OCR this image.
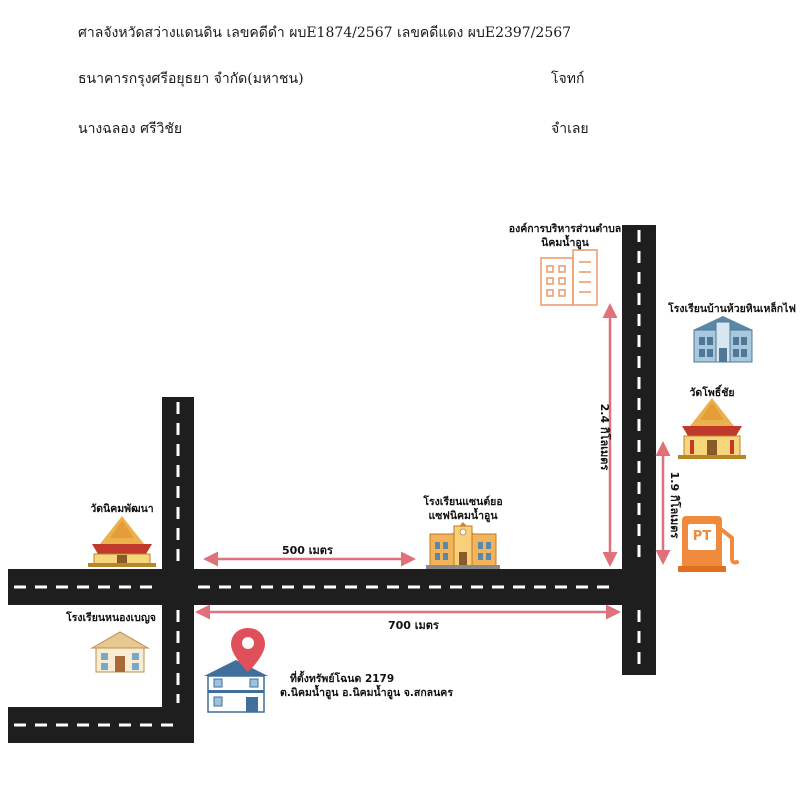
ศาลจังหวัดสว่างแดนดิน เลขคดีดำ ผบE1874/2567 เลขคดีแดง ผบE2397/2567
ธนาคารกรุงศรีอยุธยา จำกัด(มหาชน)	โจทก์
นางฉลอง ศรีวิชัย	จำเลย
PT
องค์การบริหารส่วนตำบล
นิคมน้ำอูน
โรงเรียนบ้านห้วยหินเหล็กไฟ
วัดโพธิ์ชัย
วัดนิคมพัฒนา
โรงเรียนแซนต์ยอ
แซฟนิคมน้ำอูน
โรงเรียนหนองเบญจ
ที่ตั้งทรัพย์โฉนด 2179
ต.นิคมน้ำอูน อ.นิคมน้ำอูน จ.สกลนคร
500 เมตร
700 เมตร
2.4 กิโลเมตร
1.9 กิโลเมตร
